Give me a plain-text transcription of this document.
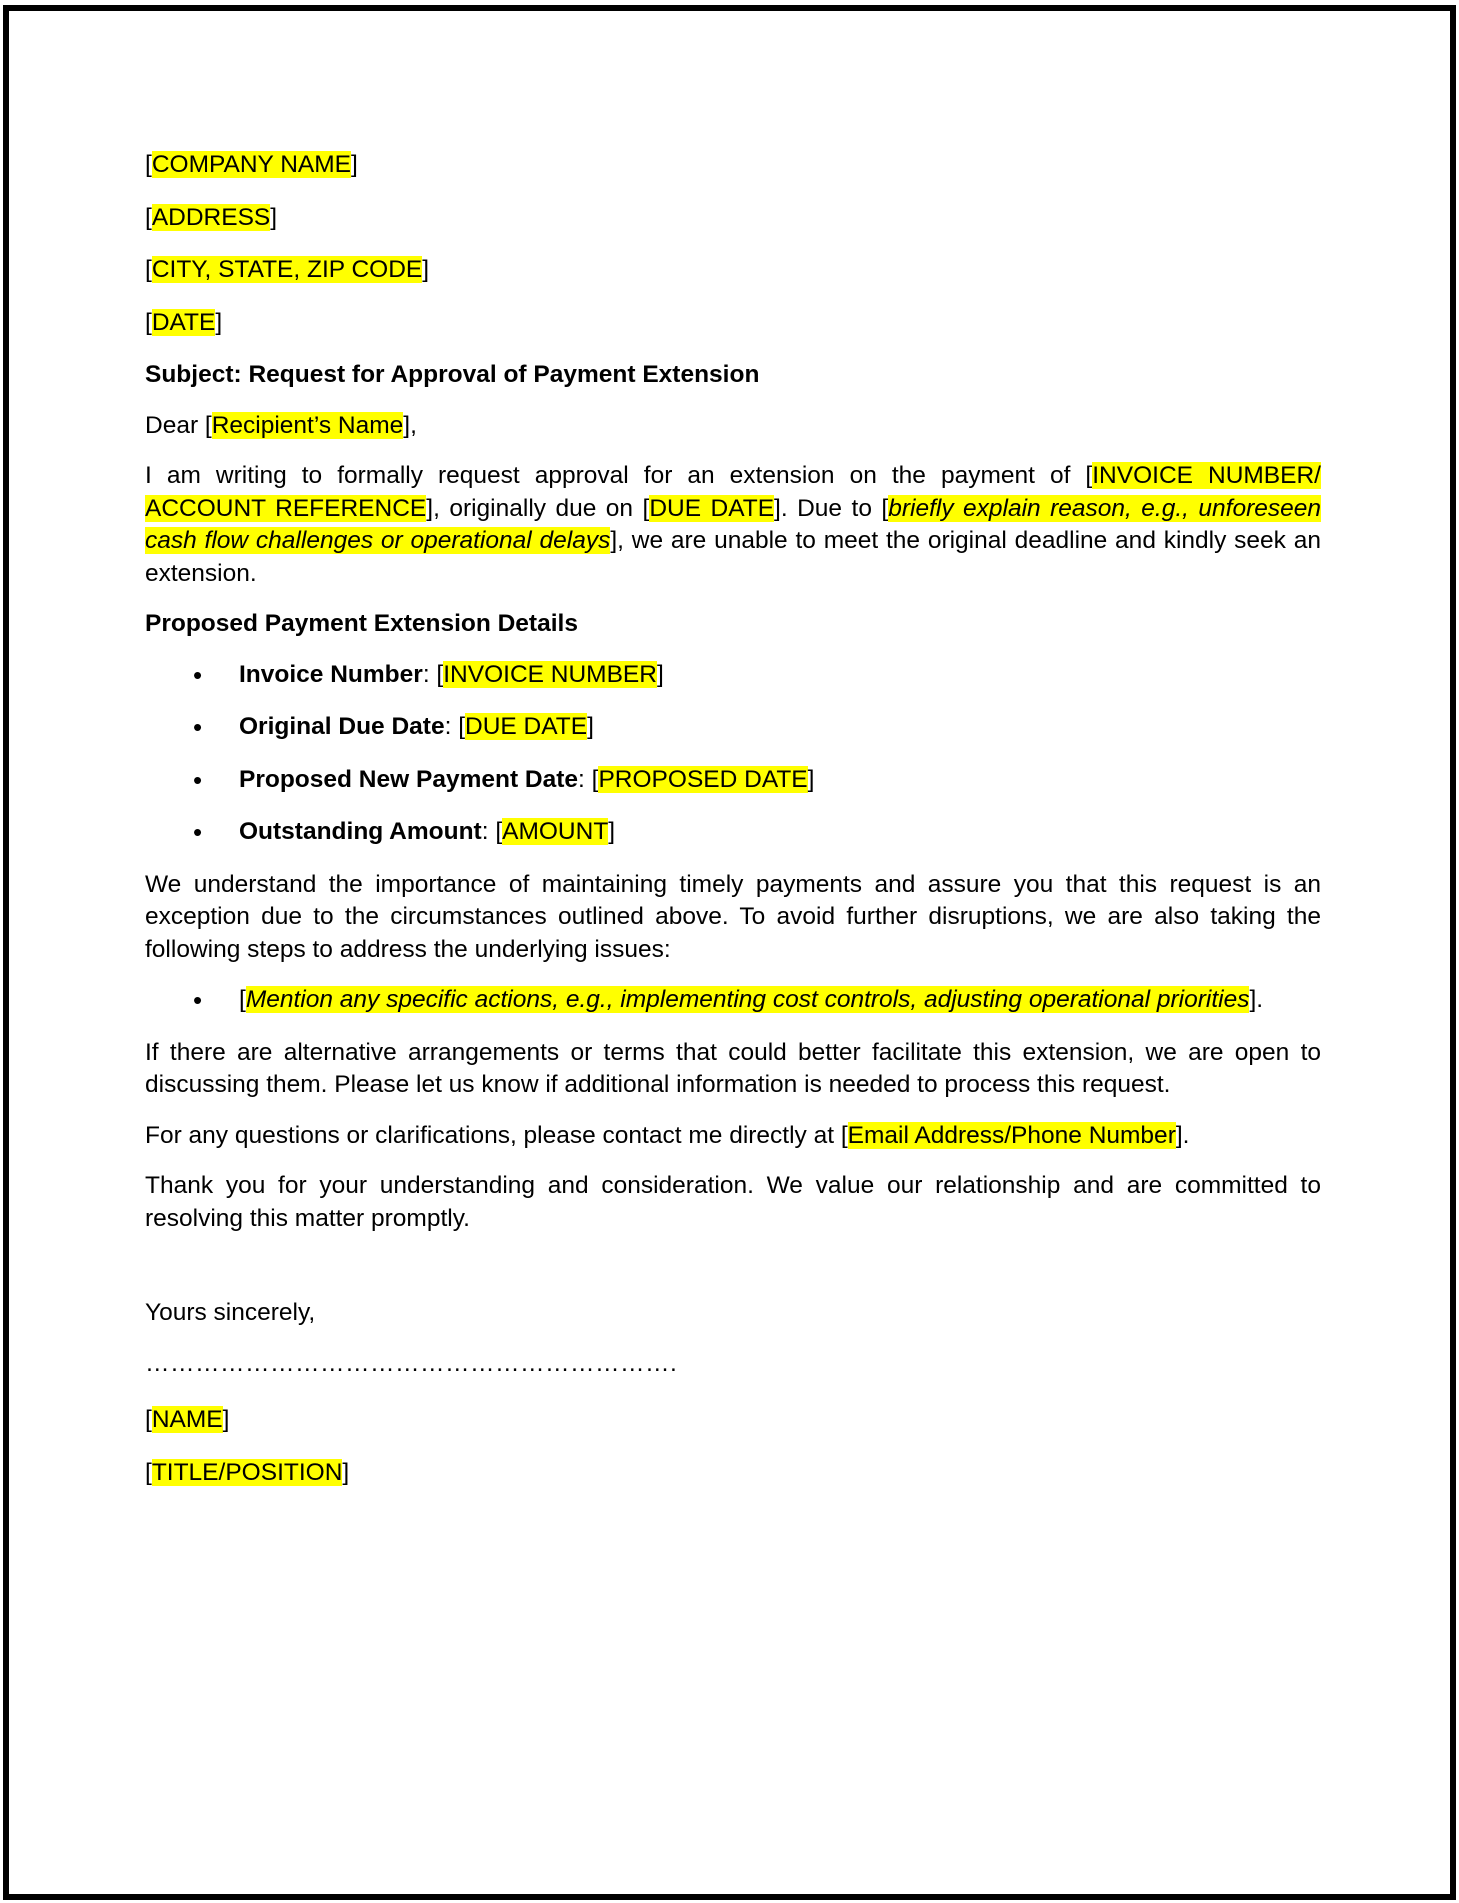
[COMPANY NAME]

[ADDRESS]

[CITY, STATE, ZIP CODE]

[DATE]

Subject: Request for Approval of Payment Extension

Dear [Recipient’s Name],

I am writing to formally request approval for an extension on the payment of [INVOICE NUMBER/ ACCOUNT REFERENCE], originally due on [DUE DATE]. Due to [briefly explain reason, e.g., unforeseen cash flow challenges or operational delays], we are unable to meet the original deadline and kindly seek an extension.

Proposed Payment Extension Details

• Invoice Number: [INVOICE NUMBER]
• Original Due Date: [DUE DATE]
• Proposed New Payment Date: [PROPOSED DATE]
• Outstanding Amount: [AMOUNT]

We understand the importance of maintaining timely payments and assure you that this request is an exception due to the circumstances outlined above. To avoid further disruptions, we are also taking the following steps to address the underlying issues:

• [Mention any specific actions, e.g., implementing cost controls, adjusting operational priorities].

If there are alternative arrangements or terms that could better facilitate this extension, we are open to discussing them. Please let us know if additional information is needed to process this request.

For any questions or clarifications, please contact me directly at [Email Address/Phone Number].

Thank you for your understanding and consideration. We value our relationship and are committed to resolving this matter promptly.

Yours sincerely,

……………………………………………………….

[NAME]

[TITLE/POSITION]
